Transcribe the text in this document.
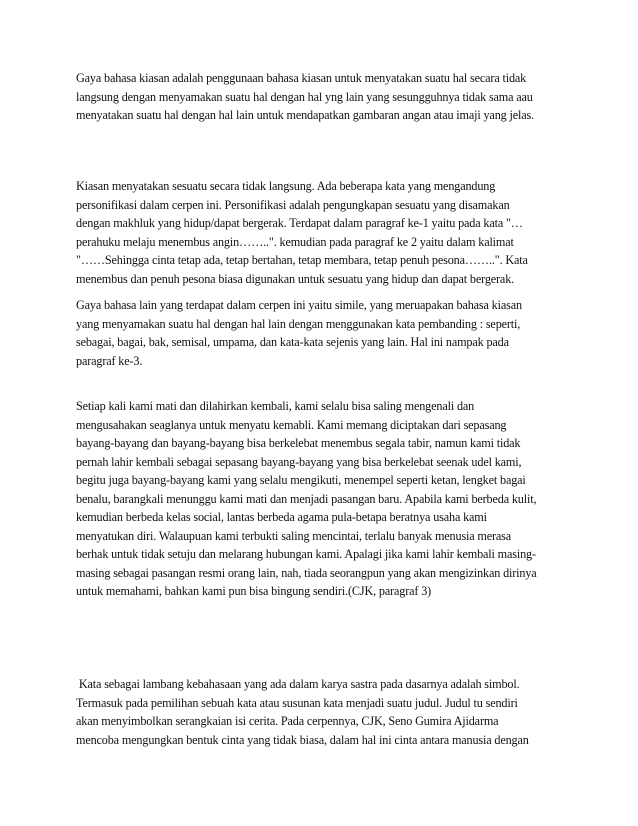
Gaya bahasa kiasan adalah penggunaan bahasa kiasan untuk menyatakan suatu hal secara tidak
langsung dengan menyamakan suatu hal dengan hal yng lain yang sesungguhnya tidak sama aau
menyatakan suatu hal dengan hal lain untuk mendapatkan gambaran angan atau imaji yang jelas.
Kiasan menyatakan sesuatu secara tidak langsung. Ada beberapa kata yang mengandung
personifikasi dalam cerpen ini. Personifikasi adalah pengungkapan sesuatu yang disamakan
dengan makhluk yang hidup/dapat bergerak. Terdapat dalam paragraf ke-1 yaitu pada kata "…
perahuku melaju menembus angin……..". kemudian pada paragraf ke 2 yaitu dalam kalimat
"……Sehingga cinta tetap ada, tetap bertahan, tetap membara, tetap penuh pesona……..". Kata
menembus dan penuh pesona biasa digunakan untuk sesuatu yang hidup dan dapat bergerak.
Gaya bahasa lain yang terdapat dalam cerpen ini yaitu simile, yang meruapakan bahasa kiasan
yang menyamakan suatu hal dengan hal lain dengan menggunakan kata pembanding : seperti,
sebagai, bagai, bak, semisal, umpama, dan kata-kata sejenis yang lain. Hal ini nampak pada
paragraf ke-3.
Setiap kali kami mati dan dilahirkan kembali, kami selalu bisa saling mengenali dan
mengusahakan seaglanya untuk menyatu kemabli. Kami memang diciptakan dari sepasang
bayang-bayang dan bayang-bayang bisa berkelebat menembus segala tabir, namun kami tidak
pernah lahir kembali sebagai sepasang bayang-bayang yang bisa berkelebat seenak udel kami,
begitu juga bayang-bayang kami yang selalu mengikuti, menempel seperti ketan, lengket bagai
benalu, barangkali menunggu kami mati dan menjadi pasangan baru. Apabila kami berbeda kulit,
kemudian berbeda kelas social, lantas berbeda agama pula-betapa beratnya usaha kami
menyatukan diri. Walaupuan kami terbukti saling mencintai, terlalu banyak menusia merasa
berhak untuk tidak setuju dan melarang hubungan kami. Apalagi jika kami lahir kembali masing-
masing sebagai pasangan resmi orang lain, nah, tiada seorangpun yang akan mengizinkan dirinya
untuk memahami, bahkan kami pun bisa bingung sendiri.(CJK, paragraf 3)
Kata sebagai lambang kebahasaan yang ada dalam karya sastra pada dasarnya adalah simbol.
Termasuk pada pemilihan sebuah kata atau susunan kata menjadi suatu judul. Judul tu sendiri
akan menyimbolkan serangkaian isi cerita. Pada cerpennya, CJK, Seno Gumira Ajidarma
mencoba mengungkan bentuk cinta yang tidak biasa, dalam hal ini cinta antara manusia dengan
